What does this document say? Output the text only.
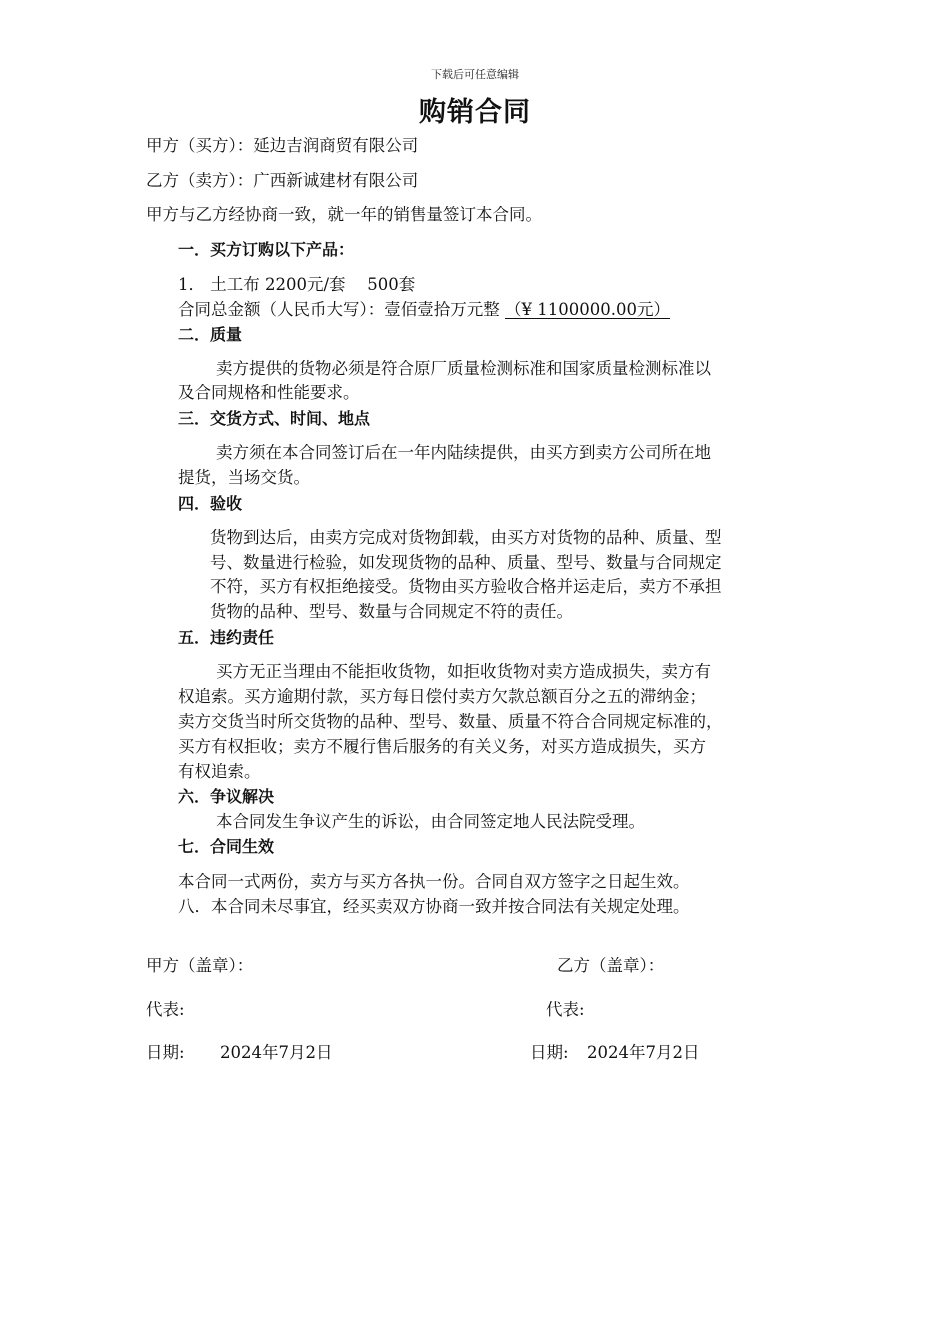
下载后可任意编辑
购销合同
甲方（买方）：延边吉润商贸有限公司
乙方（卖方）：广西新诚建材有限公司
甲方与乙方经协商一致，就一年的销售量签订本合同。
一．买方订购以下产品：
1． 土工布 2200元/套 　500套
合同总金额（人民币大写）：壹佰壹拾万元整 （¥ 1100000.00元）
二．质量
卖方提供的货物必须是符合原厂质量检测标准和国家质量检测标准以
及合同规格和性能要求。
三．交货方式、时间、地点
卖方须在本合同签订后在一年内陆续提供，由买方到卖方公司所在地
提货，当场交货。
四．验收
货物到达后，由卖方完成对货物卸载，由买方对货物的品种、质量、型
号、数量进行检验，如发现货物的品种、质量、型号、数量与合同规定
不符，买方有权拒绝接受。货物由买方验收合格并运走后，卖方不承担
货物的品种、型号、数量与合同规定不符的责任。
五．违约责任
买方无正当理由不能拒收货物，如拒收货物对卖方造成损失，卖方有
权追索。买方逾期付款，买方每日偿付卖方欠款总额百分之五的滞纳金；
卖方交货当时所交货物的品种、型号、数量、质量不符合合同规定标准的，
买方有权拒收；卖方不履行售后服务的有关义务，对买方造成损失，买方
有权追索。
六．争议解决
本合同发生争议产生的诉讼，由合同签定地人民法院受理。
七．合同生效
本合同一式两份，卖方与买方各执一份。合同自双方签字之日起生效。
八．本合同未尽事宜，经买卖双方协商一致并按合同法有关规定处理。
甲方（盖章）：	乙方（盖章）：
代表:	代表:
日期: 2024年7月2日	日期: 2024年7月2日
